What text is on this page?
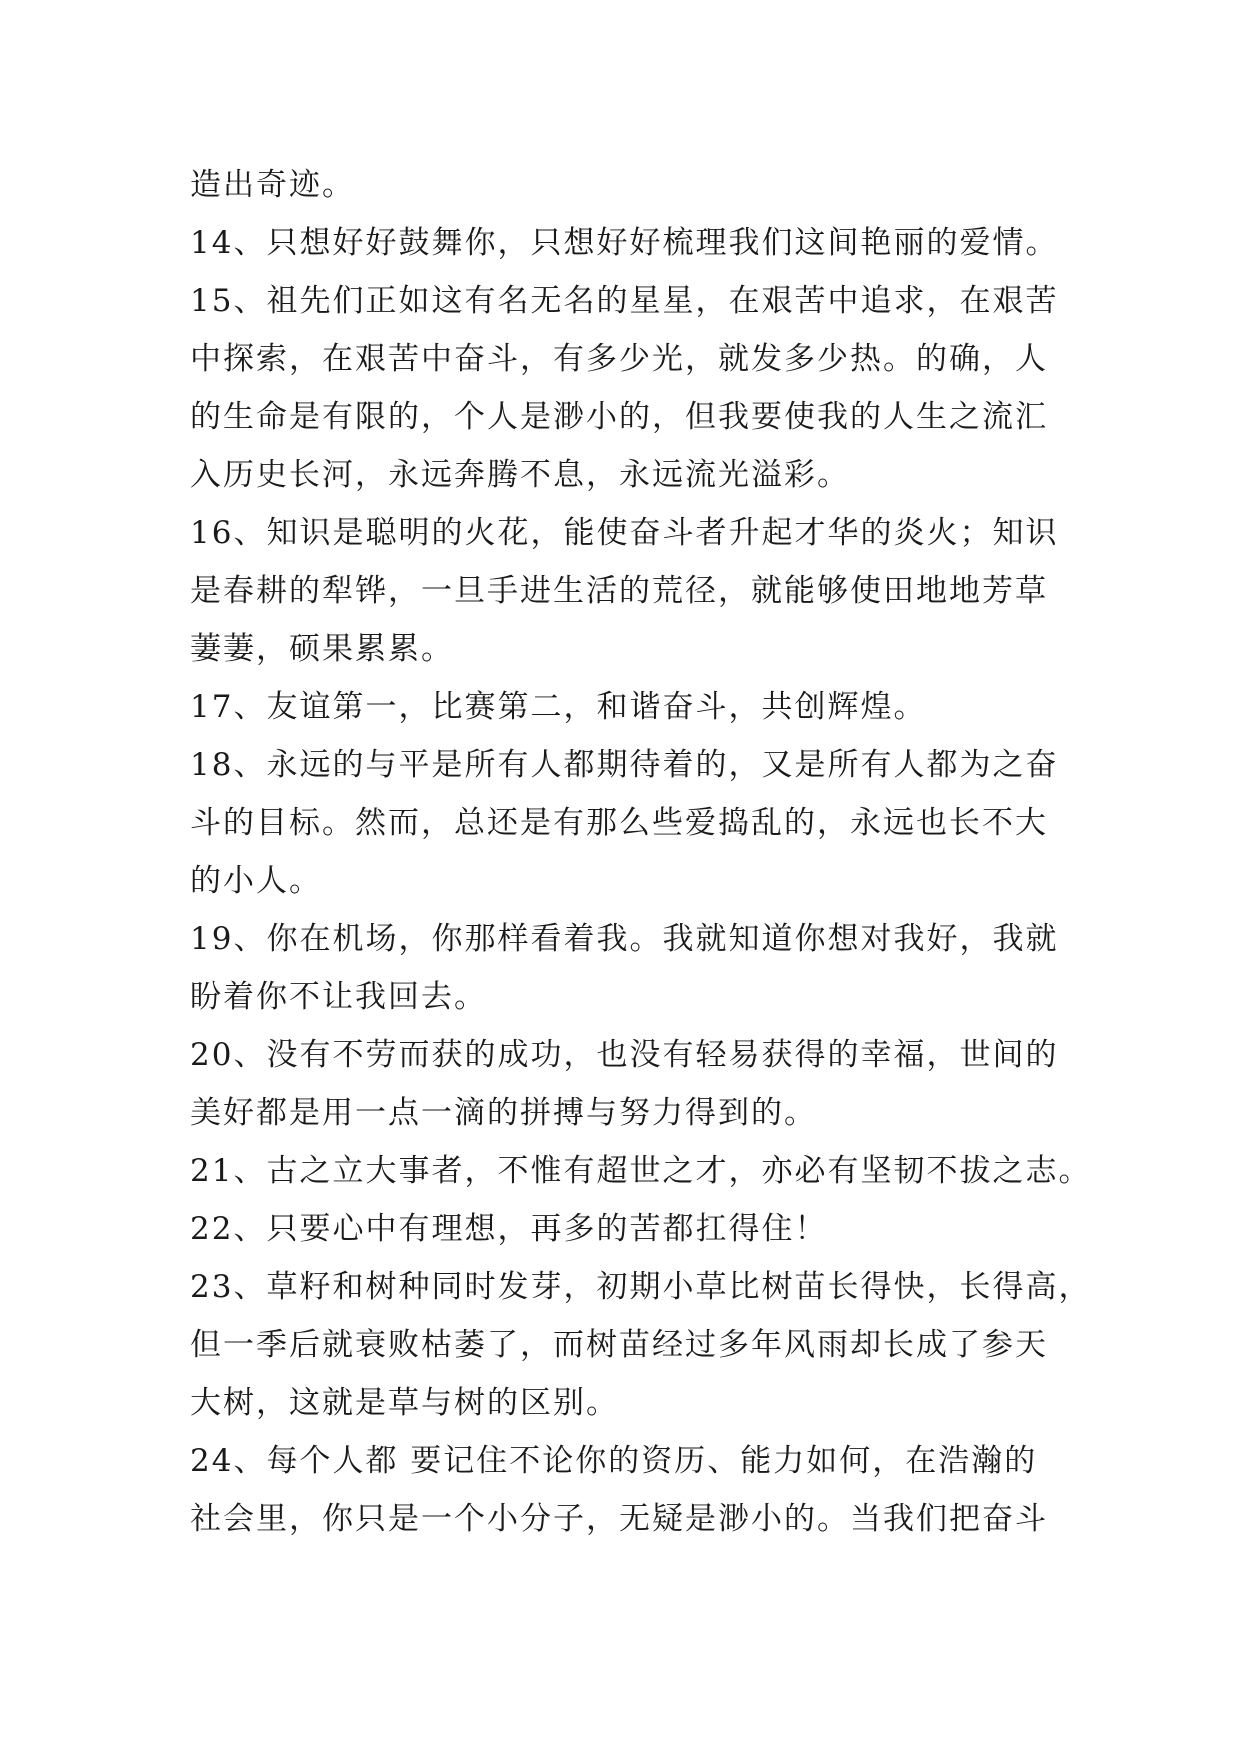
造出奇迹。
14、只想好好鼓舞你，只想好好梳理我们这间艳丽的爱情。
15、祖先们正如这有名无名的星星，在艰苦中追求，在艰苦
中探索，在艰苦中奋斗，有多少光，就发多少热。的确，人
的生命是有限的，个人是渺小的，但我要使我的人生之流汇
入历史长河，永远奔腾不息，永远流光溢彩。
16、知识是聪明的火花，能使奋斗者升起才华的炎火；知识
是春耕的犁铧，一旦手进生活的荒径，就能够使田地地芳草
萋萋，硕果累累。
17、友谊第一，比赛第二，和谐奋斗，共创辉煌。
18、永远的与平是所有人都期待着的，又是所有人都为之奋
斗的目标。然而，总还是有那么些爱捣乱的，永远也长不大
的小人。
19、你在机场，你那样看着我。我就知道你想对我好，我就
盼着你不让我回去。
20、没有不劳而获的成功，也没有轻易获得的幸福，世间的
美好都是用一点一滴的拼搏与努力得到的。
21、古之立大事者，不惟有超世之才，亦必有坚韧不拔之志。
22、只要心中有理想，再多的苦都扛得住！
23、草籽和树种同时发芽，初期小草比树苗长得快，长得高，
但一季后就衰败枯萎了，而树苗经过多年风雨却长成了参天
大树，这就是草与树的区别。
24、每个人都 要记住不论你的资历、能力如何，在浩瀚的
社会里，你只是一个小分子，无疑是渺小的。当我们把奋斗
